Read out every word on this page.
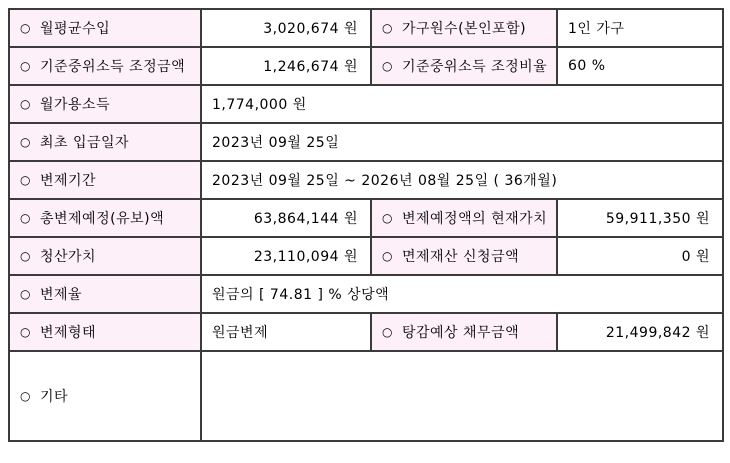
○ 월평균수입	3,020,674 원	○ 가구원수(본인포함)	1인 가구
○ 기준중위소득 조정금액	1,246,674 원	○ 기준중위소득 조정비율	60 %
○ 월가용소득	1,774,000 원		
○ 최초 입금일자	2023년 09월 25일		
○ 변제기간	2023년 09월 25일 ~ 2026년 08월 25일 ( 36개월)		
○ 총변제예정(유보)액	63,864,144 원	○ 변제예정액의 현재가치	59,911,350 원
○ 청산가치	23,110,094 원	○ 면제재산 신청금액	0 원
○ 변제율	원금의 [ 74.81 ] % 상당액		
○ 변제형태	원금변제	○ 탕감예상 채무금액	21,499,842 원
○ 기타			
